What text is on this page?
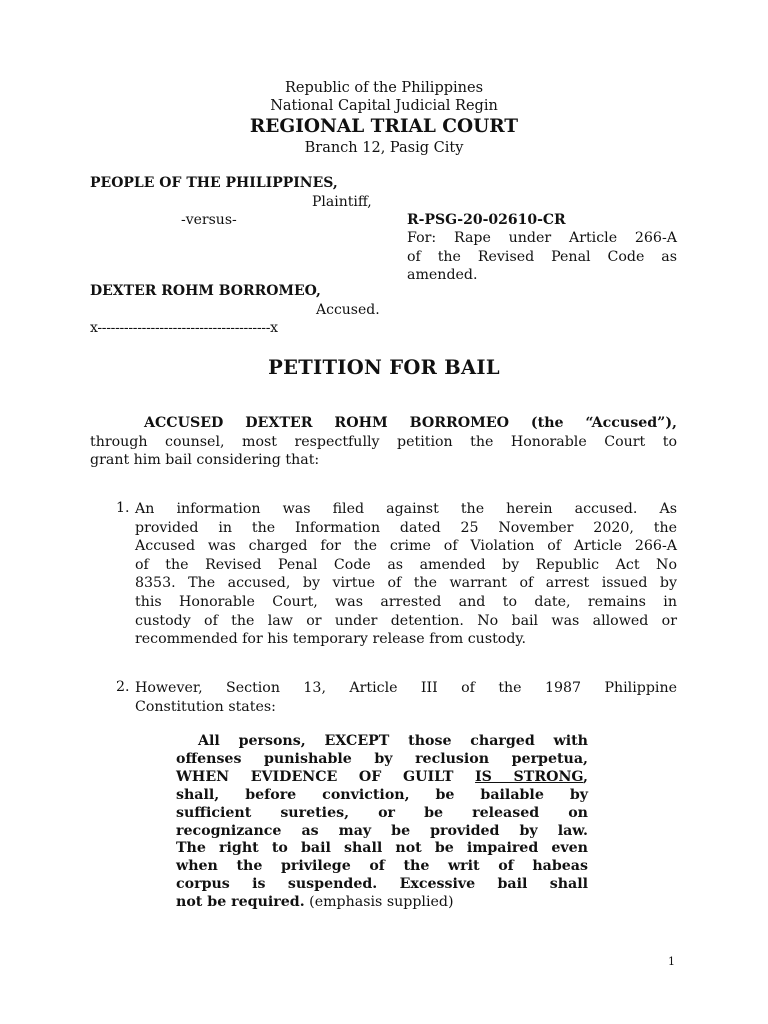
Republic of the Philippines
National Capital Judicial Regin
REGIONAL TRIAL COURT
Branch 12, Pasig City
PEOPLE OF THE PHILIPPINES,
Plaintiff,
-versus-	R-PSG-20-02610-CR
For: Rape under Article 266-A
of the Revised Penal Code as
amended.
DEXTER ROHM BORROMEO,
Accused.
x---------------------------------------x
PETITION FOR BAIL
ACCUSED DEXTER ROHM BORROMEO (the “Accused”),
through counsel, most respectfully petition the Honorable Court to
grant him bail considering that:
1. An information was filed against the herein accused. As
provided in the Information dated 25 November 2020, the
Accused was charged for the crime of Violation of Article 266-A
of the Revised Penal Code as amended by Republic Act No
8353. The accused, by virtue of the warrant of arrest issued by
this Honorable Court, was arrested and to date, remains in
custody of the law or under detention. No bail was allowed or
recommended for his temporary release from custody.
2. However, Section 13, Article III of the 1987 Philippine
Constitution states:
All persons, EXCEPT those charged with
offenses punishable by reclusion perpetua,
WHEN EVIDENCE OF GUILT IS STRONG,
shall, before conviction, be bailable by
sufficient sureties, or be released on
recognizance as may be provided by law.
The right to bail shall not be impaired even
when the privilege of the writ of habeas
corpus is suspended. Excessive bail shall
not be required. (emphasis supplied)
1
